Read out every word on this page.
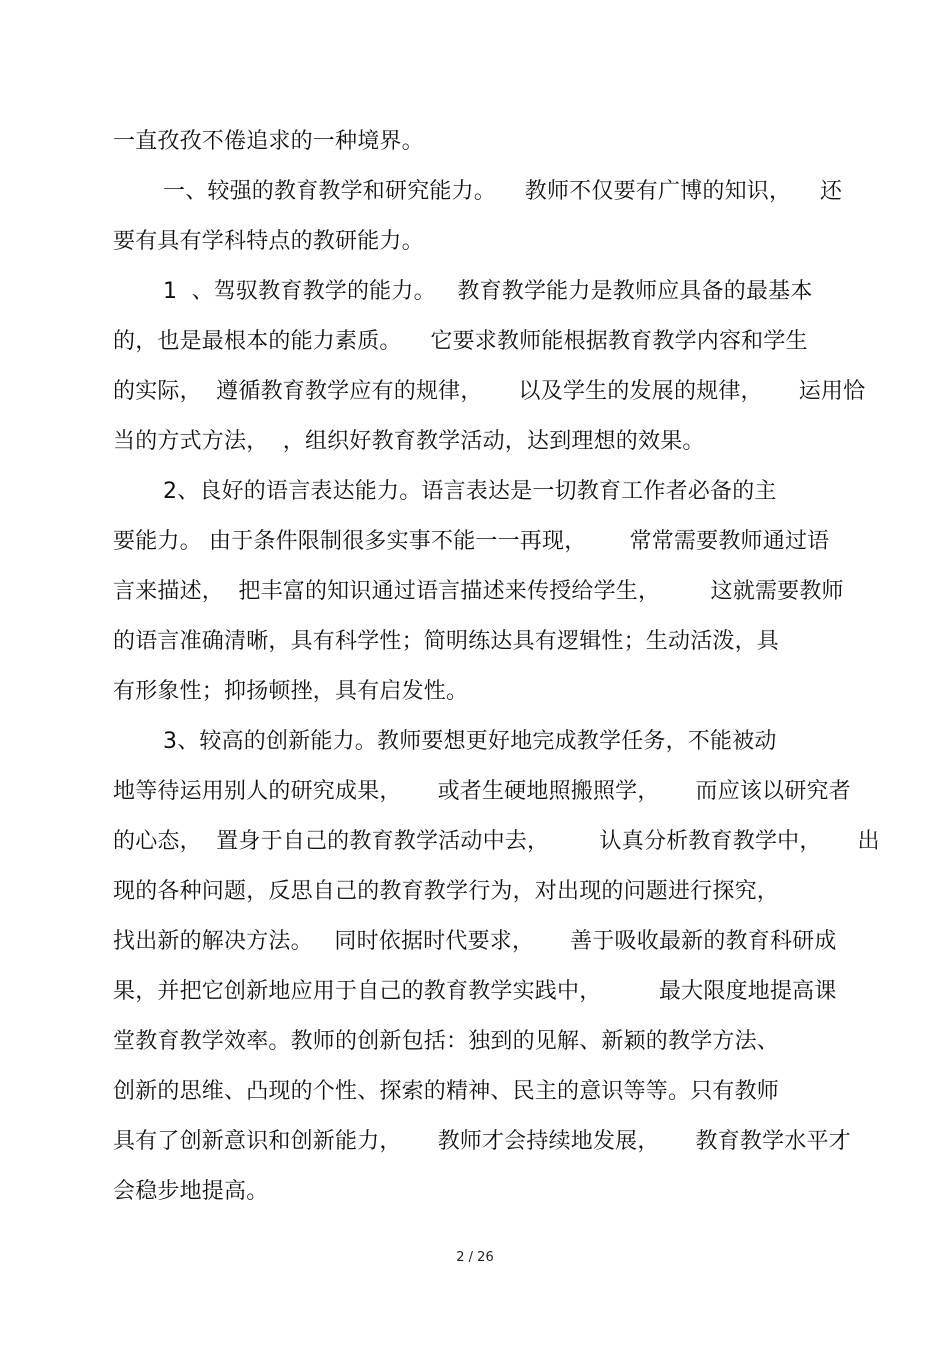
一直孜孜不倦追求的一种境界。
一、较强的教育教学和研究能力。    教师不仅要有广博的知识，    还
要有具有学科特点的教研能力。
1  、驾驭教育教学的能力。   教育教学能力是教师应具备的最基本
的，也是最根本的能力素质。    它要求教师能根据教育教学内容和学生
的实际，  遵循教育教学应有的规律，     以及学生的发展的规律，     运用恰
当的方式方法，  ，组织好教育教学活动，达到理想的效果。
2、良好的语言表达能力。语言表达是一切教育工作者必备的主
要能力。 由于条件限制很多实事不能一一再现，      常常需要教师通过语
言来描述，  把丰富的知识通过语言描述来传授给学生，       这就需要教师
的语言准确清晰，具有科学性；简明练达具有逻辑性；生动活泼，具
有形象性；抑扬顿挫，具有启发性。
3、较高的创新能力。教师要想更好地完成教学任务，不能被动
地等待运用别人的研究成果，     或者生硬地照搬照学，     而应该以研究者
的心态，  置身于自己的教育教学活动中去，       认真分析教育教学中，     出
现的各种问题，反思自己的教育教学行为，对出现的问题进行探究，
找出新的解决方法。   同时依据时代要求，     善于吸收最新的教育科研成
果，并把它创新地应用于自己的教育教学实践中，        最大限度地提高课
堂教育教学效率。教师的创新包括：独到的见解、新颖的教学方法、
创新的思维、凸现的个性、探索的精神、民主的意识等等。只有教师
具有了创新意识和创新能力，     教师才会持续地发展，     教育教学水平才
会稳步地提高。
2 / 26
